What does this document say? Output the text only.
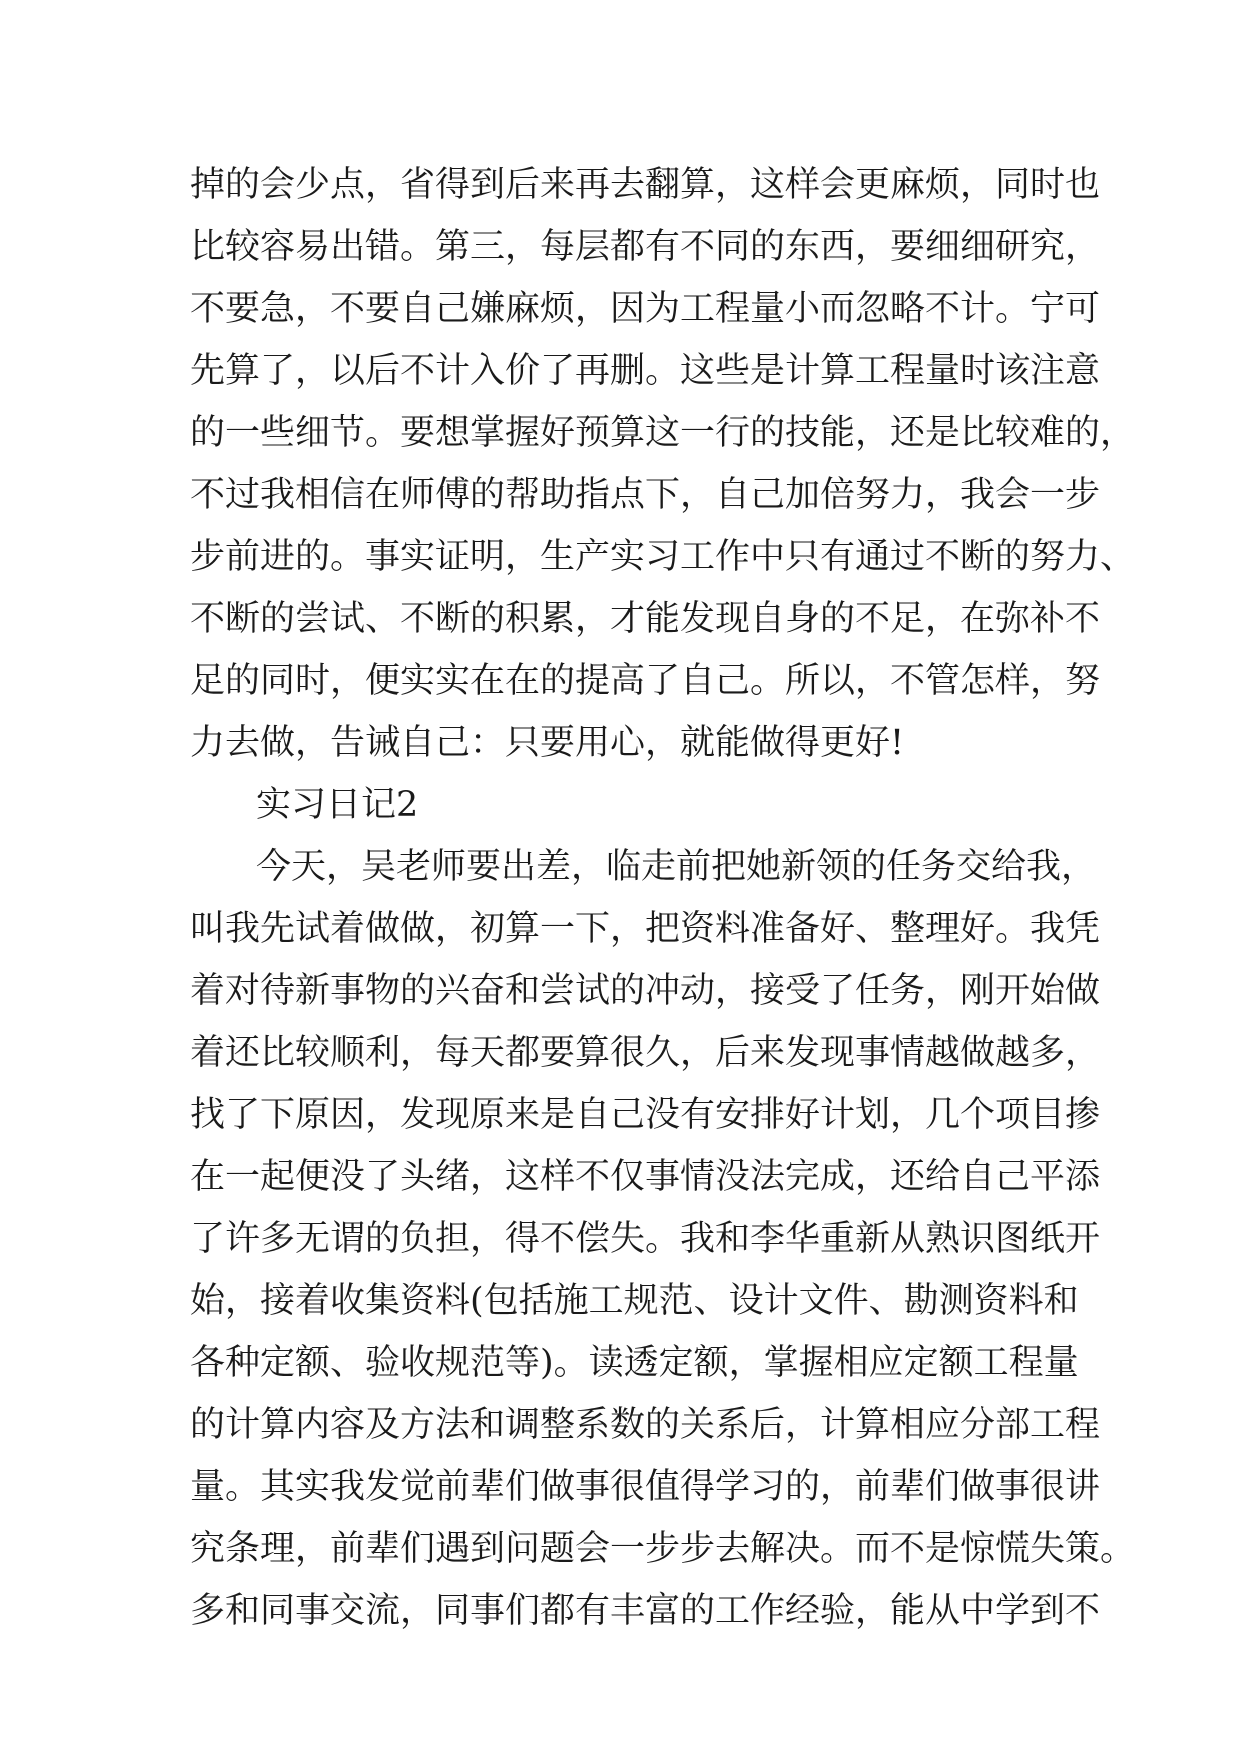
掉的会少点，省得到后来再去翻算，这样会更麻烦，同时也
比较容易出错。第三，每层都有不同的东西，要细细研究，
不要急，不要自己嫌麻烦，因为工程量小而忽略不计。宁可
先算了，以后不计入价了再删。这些是计算工程量时该注意
的一些细节。要想掌握好预算这一行的技能，还是比较难的，
不过我相信在师傅的帮助指点下，自己加倍努力，我会一步
步前进的。事实证明，生产实习工作中只有通过不断的努力、
不断的尝试、不断的积累，才能发现自身的不足，在弥补不
足的同时，便实实在在的提高了自己。所以，不管怎样，努
力去做，告诫自己：只要用心，就能做得更好!
实习日记2
今天，吴老师要出差，临走前把她新领的任务交给我，
叫我先试着做做，初算一下，把资料准备好、整理好。我凭
着对待新事物的兴奋和尝试的冲动，接受了任务，刚开始做
着还比较顺利，每天都要算很久，后来发现事情越做越多，
找了下原因，发现原来是自己没有安排好计划，几个项目掺
在一起便没了头绪，这样不仅事情没法完成，还给自己平添
了许多无谓的负担，得不偿失。我和李华重新从熟识图纸开
始，接着收集资料(包括施工规范、设计文件、勘测资料和
各种定额、验收规范等)。读透定额，掌握相应定额工程量
的计算内容及方法和调整系数的关系后，计算相应分部工程
量。其实我发觉前辈们做事很值得学习的，前辈们做事很讲
究条理，前辈们遇到问题会一步步去解决。而不是惊慌失策。
多和同事交流，同事们都有丰富的工作经验，能从中学到不
